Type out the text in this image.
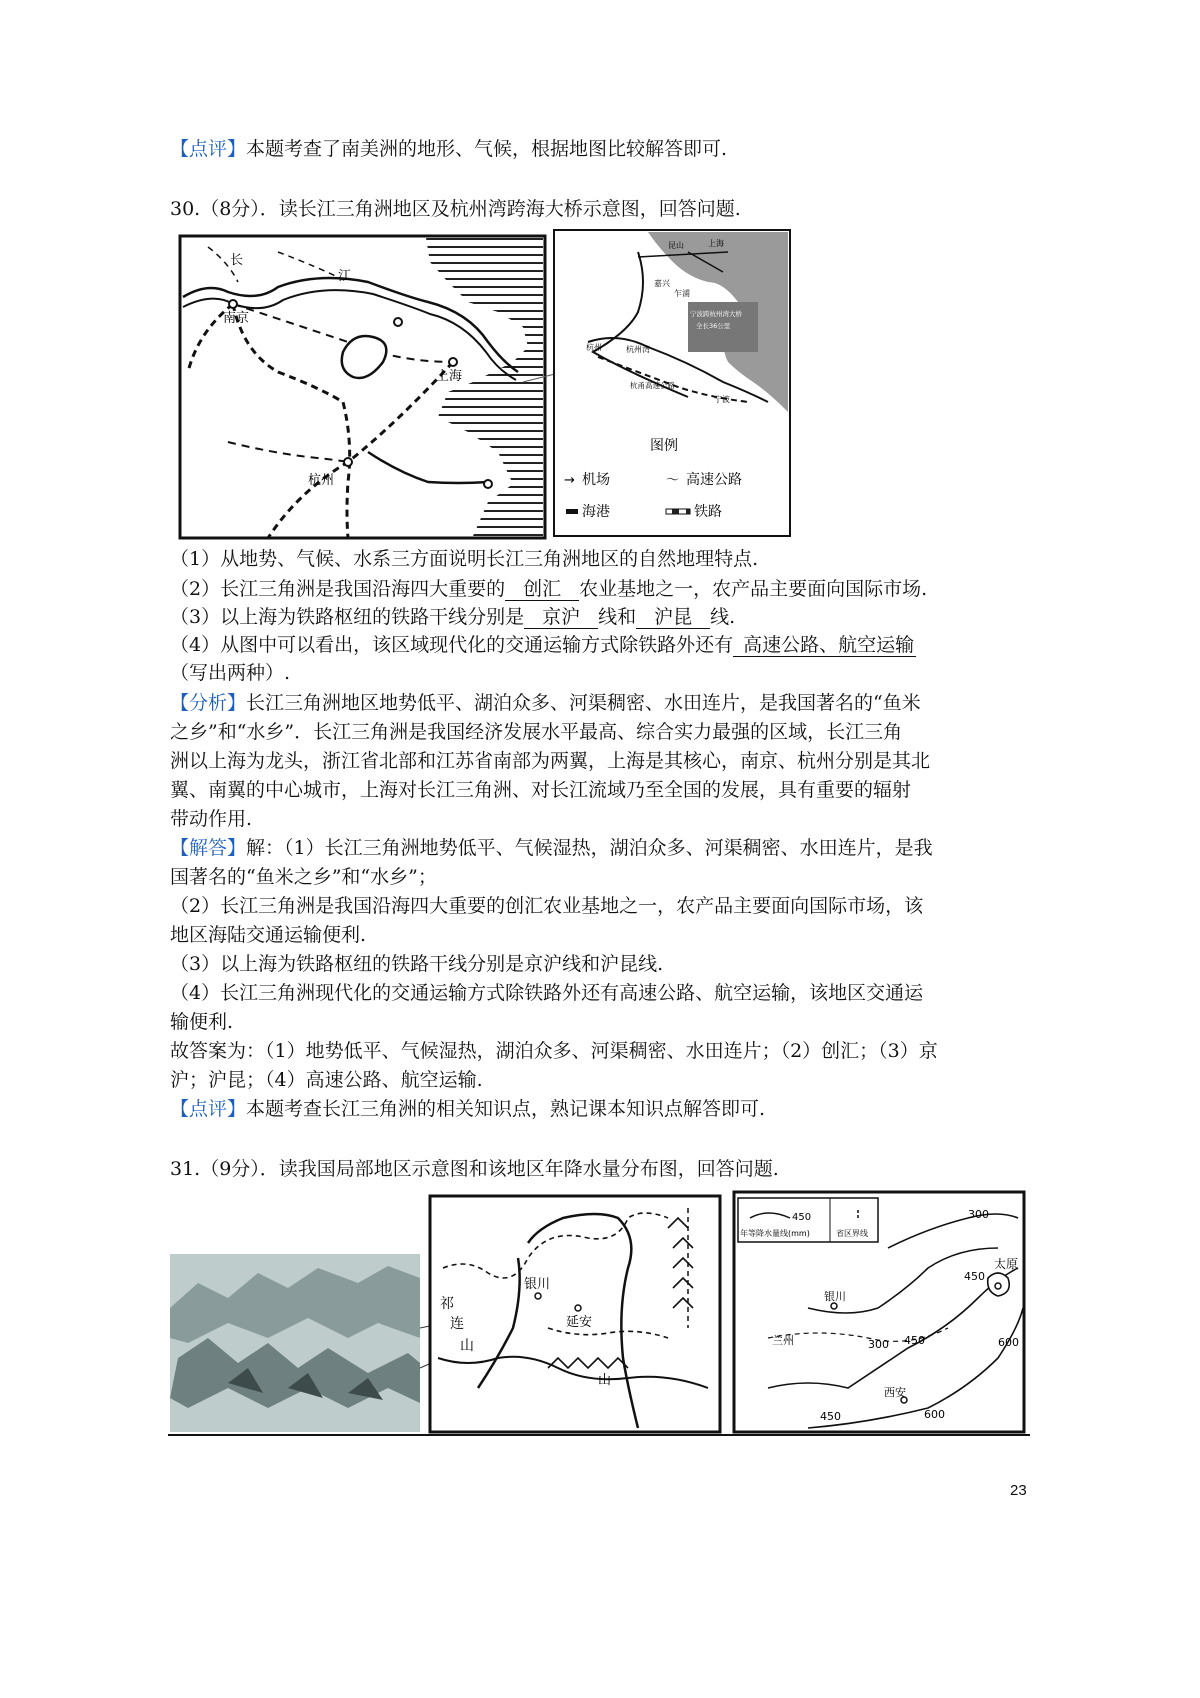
【点评】本题考查了南美洲的地形、气候，根据地图比较解答即可.
30.（8分）．读长江三角洲地区及杭州湾跨海大桥示意图，回答问题.
长
南京
江
上海
杭州
昆山	上海
嘉兴
乍浦
宁波跨杭州湾大桥
全长36公里
杭州	杭州湾
杭甬高速公路
宁波
图例
→ 机场	〜 高速公路
海港	铁路
（1）从地势、气候、水系三方面说明长江三角洲地区的自然地理特点.
（2）长江三角洲是我国沿海四大重要的 创汇 农业基地之一，农产品主要面向国际市场.
（3）以上海为铁路枢纽的铁路干线分别是 京沪 线和 沪昆 线.
（4）从图中可以看出，该区域现代化的交通运输方式除铁路外还有 高速公路、航空运输
（写出两种）.
【分析】长江三角洲地区地势低平、湖泊众多、河渠稠密、水田连片，是我国著名的“鱼米
之乡”和“水乡”．长江三角洲是我国经济发展水平最高、综合实力最强的区域，长江三角
洲以上海为龙头，浙江省北部和江苏省南部为两翼，上海是其核心，南京、杭州分别是其北
翼、南翼的中心城市，上海对长江三角洲、对长江流域乃至全国的发展，具有重要的辐射
带动作用.
【解答】解：（1）长江三角洲地势低平、气候湿热，湖泊众多、河渠稠密、水田连片，是我
国著名的“鱼米之乡”和“水乡”；
（2）长江三角洲是我国沿海四大重要的创汇农业基地之一，农产品主要面向国际市场，该
地区海陆交通运输便利.
（3）以上海为铁路枢纽的铁路干线分别是京沪线和沪昆线.
（4）长江三角洲现代化的交通运输方式除铁路外还有高速公路、航空运输，该地区交通运
输便利.
故答案为：（1）地势低平、气候湿热，湖泊众多、河渠稠密、水田连片；（2）创汇；（3）京
沪；沪昆；（4）高速公路、航空运输.
【点评】本题考查长江三角洲的相关知识点，熟记课本知识点解答即可.
31.（9分）．读我国局部地区示意图和该地区年降水量分布图，回答问题.
祁
连
山
银川
延安
山
450
年等降水量线(mm)	省区界线
300
450
太原
银川
兰州	300 450	600
西安
600
450
23
